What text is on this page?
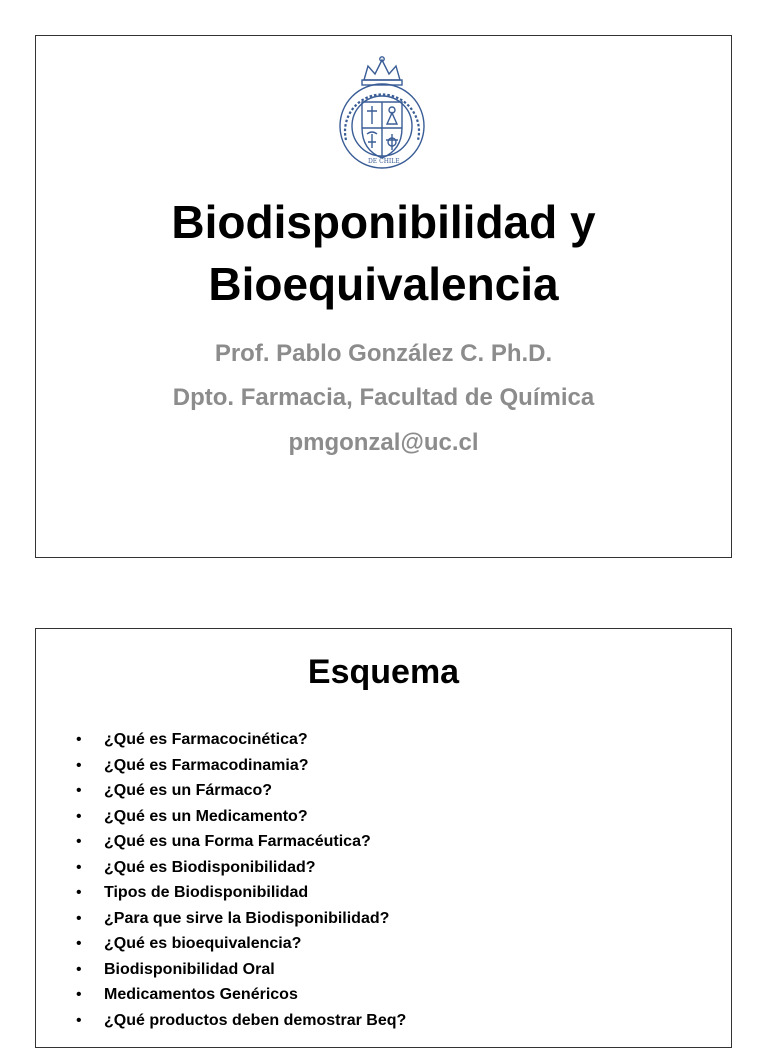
DE CHILE
Biodisponibilidad y
Bioequivalencia
Prof. Pablo González C. Ph.D.
Dpto. Farmacia, Facultad de Química
pmgonzal@uc.cl
Esquema
• ¿Qué es Farmacocinética?
• ¿Qué es Farmacodinamia?
• ¿Qué es un Fármaco?
• ¿Qué es un Medicamento?
• ¿Qué es una Forma Farmacéutica?
• ¿Qué es Biodisponibilidad?
• Tipos de Biodisponibilidad
• ¿Para que sirve la Biodisponibilidad?
• ¿Qué es bioequivalencia?
• Biodisponibilidad Oral
• Medicamentos Genéricos
• ¿Qué productos deben demostrar Beq?
